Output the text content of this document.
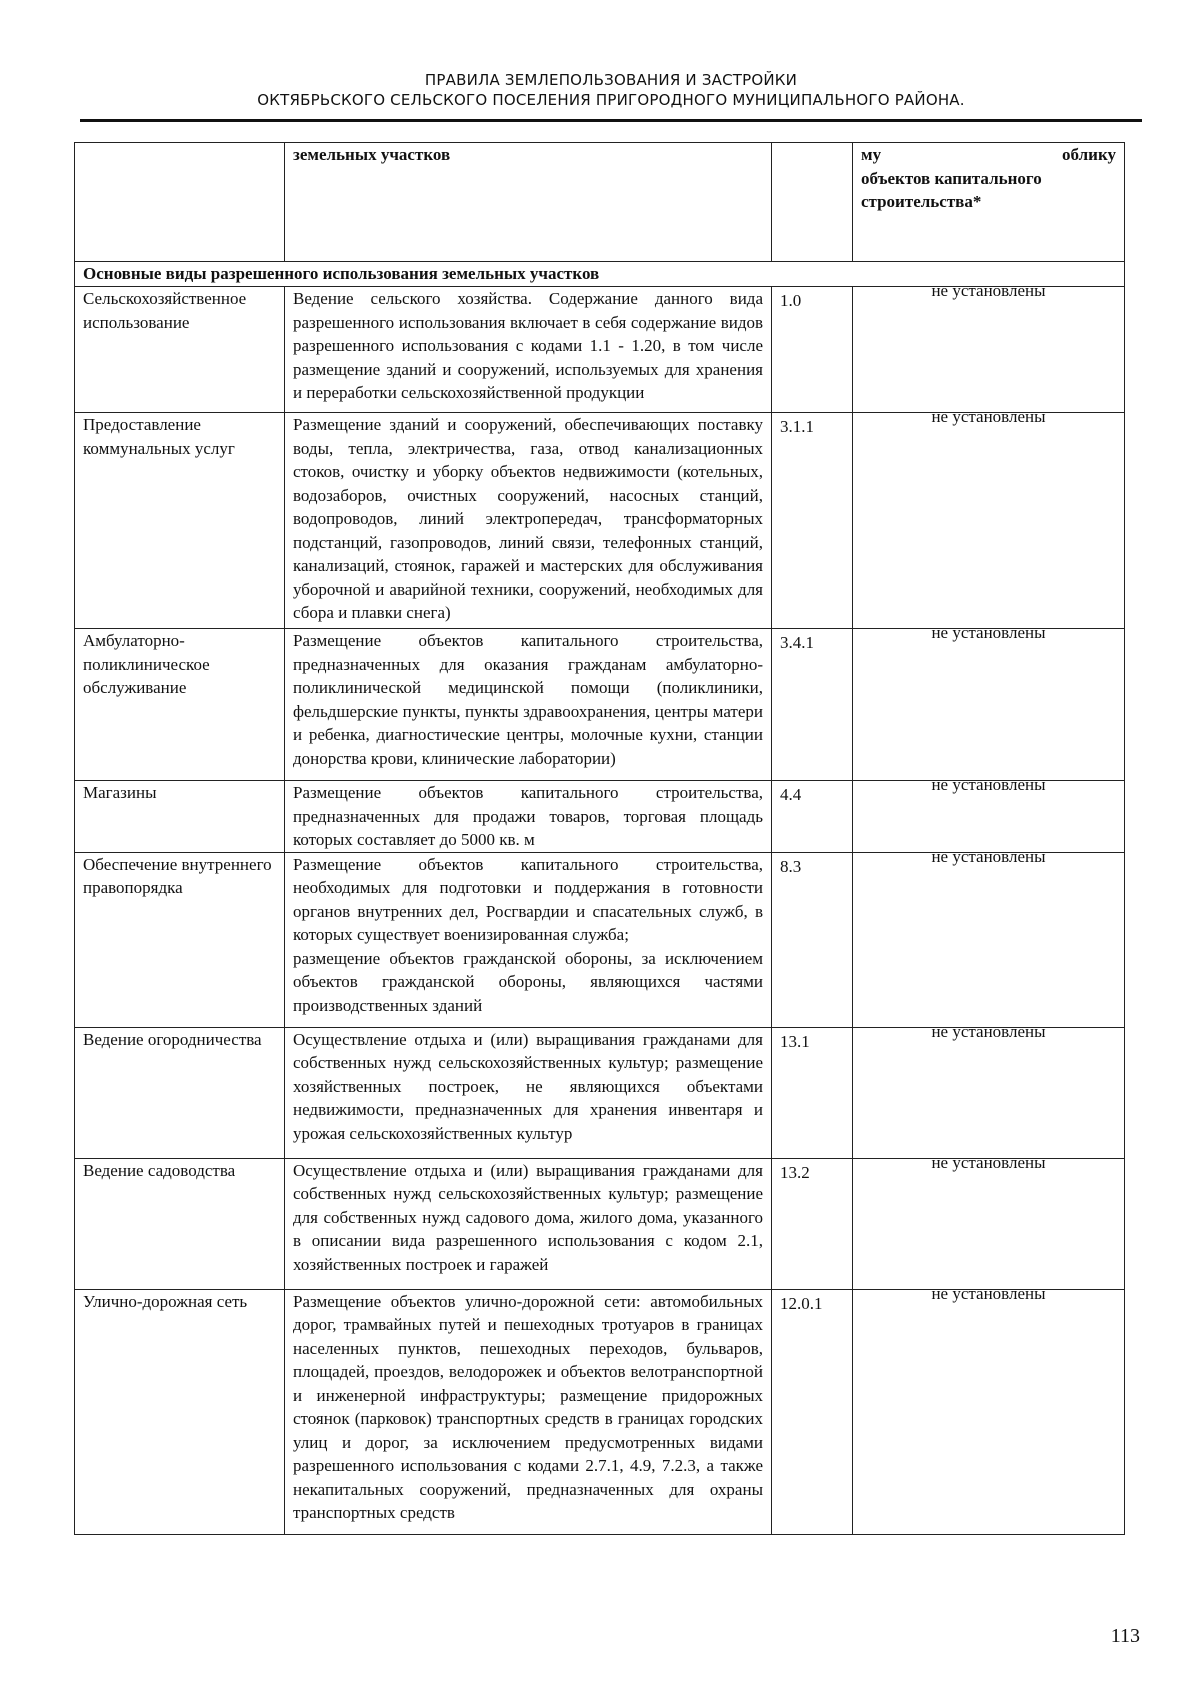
ПРАВИЛА ЗЕМЛЕПОЛЬЗОВАНИЯ И ЗАСТРОЙКИ
ОКТЯБРЬСКОГО СЕЛЬСКОГО ПОСЕЛЕНИЯ ПРИГОРОДНОГО МУНИЦИПАЛЬНОГО РАЙОНА.
	земельных участков		му облику
объектов капитального строительства*

Основные виды разрешенного использования земельных участков			
Сельскохозяйственное использование	Ведение сельского хозяйства. Содержание данного вида разрешенного использования включает в себя содержание видов разрешенного использования с кодами 1.1 - 1.20, в том числе размещение зданий и сооружений, используемых для хранения и переработки сельскохозяйственной продукции	1.0	не установлены
Предоставление коммунальных услуг	Размещение зданий и сооружений, обеспечивающих поставку воды, тепла, электричества, газа, отвод канализационных стоков, очистку и уборку объектов недвижимости (котельных, водозаборов, очистных сооружений, насосных станций, водопроводов, линий электропередач, трансформаторных подстанций, газопроводов, линий связи, телефонных станций, канализаций, стоянок, гаражей и мастерских для обслуживания уборочной и аварийной техники, сооружений, необходимых для сбора и плавки снега)	3.1.1	не установлены
Амбулаторно-поликлиническое обслуживание	Размещение объектов капитального строительства, предназначенных для оказания гражданам амбулаторно-поликлинической медицинской помощи (поликлиники, фельдшерские пункты, пункты здравоохранения, центры матери и ребенка, диагностические центры, молочные кухни, станции донорства крови, клинические лаборатории)	3.4.1	не установлены
Магазины	Размещение объектов капитального строительства, предназначенных для продажи товаров, торговая площадь которых составляет до 5000 кв. м	4.4	не установлены
Обеспечение внутреннего правопорядка	Размещение объектов капитального строительства, необходимых для подготовки и поддержания в готовности органов внутренних дел, Росгвардии и спасательных служб, в которых существует военизированная служба;
размещение объектов гражданской обороны, за исключением объектов гражданской обороны, являющихся частями производственных зданий	8.3	не установлены
Ведение огородничества	Осуществление отдыха и (или) выращивания гражданами для собственных нужд сельскохозяйственных культур; размещение хозяйственных построек, не являющихся объектами недвижимости, предназначенных для хранения инвентаря и урожая сельскохозяйственных культур	13.1	не установлены
Ведение садоводства	Осуществление отдыха и (или) выращивания гражданами для собственных нужд сельскохозяйственных культур; размещение для собственных нужд садового дома, жилого дома, указанного в описании вида разрешенного использования с кодом 2.1, хозяйственных построек и гаражей	13.2	не установлены
Улично-дорожная сеть	Размещение объектов улично-дорожной сети: автомобильных дорог, трамвайных путей и пешеходных тротуаров в границах населенных пунктов, пешеходных переходов, бульваров, площадей, проездов, велодорожек и объектов велотранспортной и инженерной инфраструктуры; размещение придорожных стоянок (парковок) транспортных средств в границах городских улиц и дорог, за исключением предусмотренных видами разрешенного использования с кодами 2.7.1, 4.9, 7.2.3, а также некапитальных сооружений, предназначенных для охраны транспортных средств	12.0.1	не установлены
113
